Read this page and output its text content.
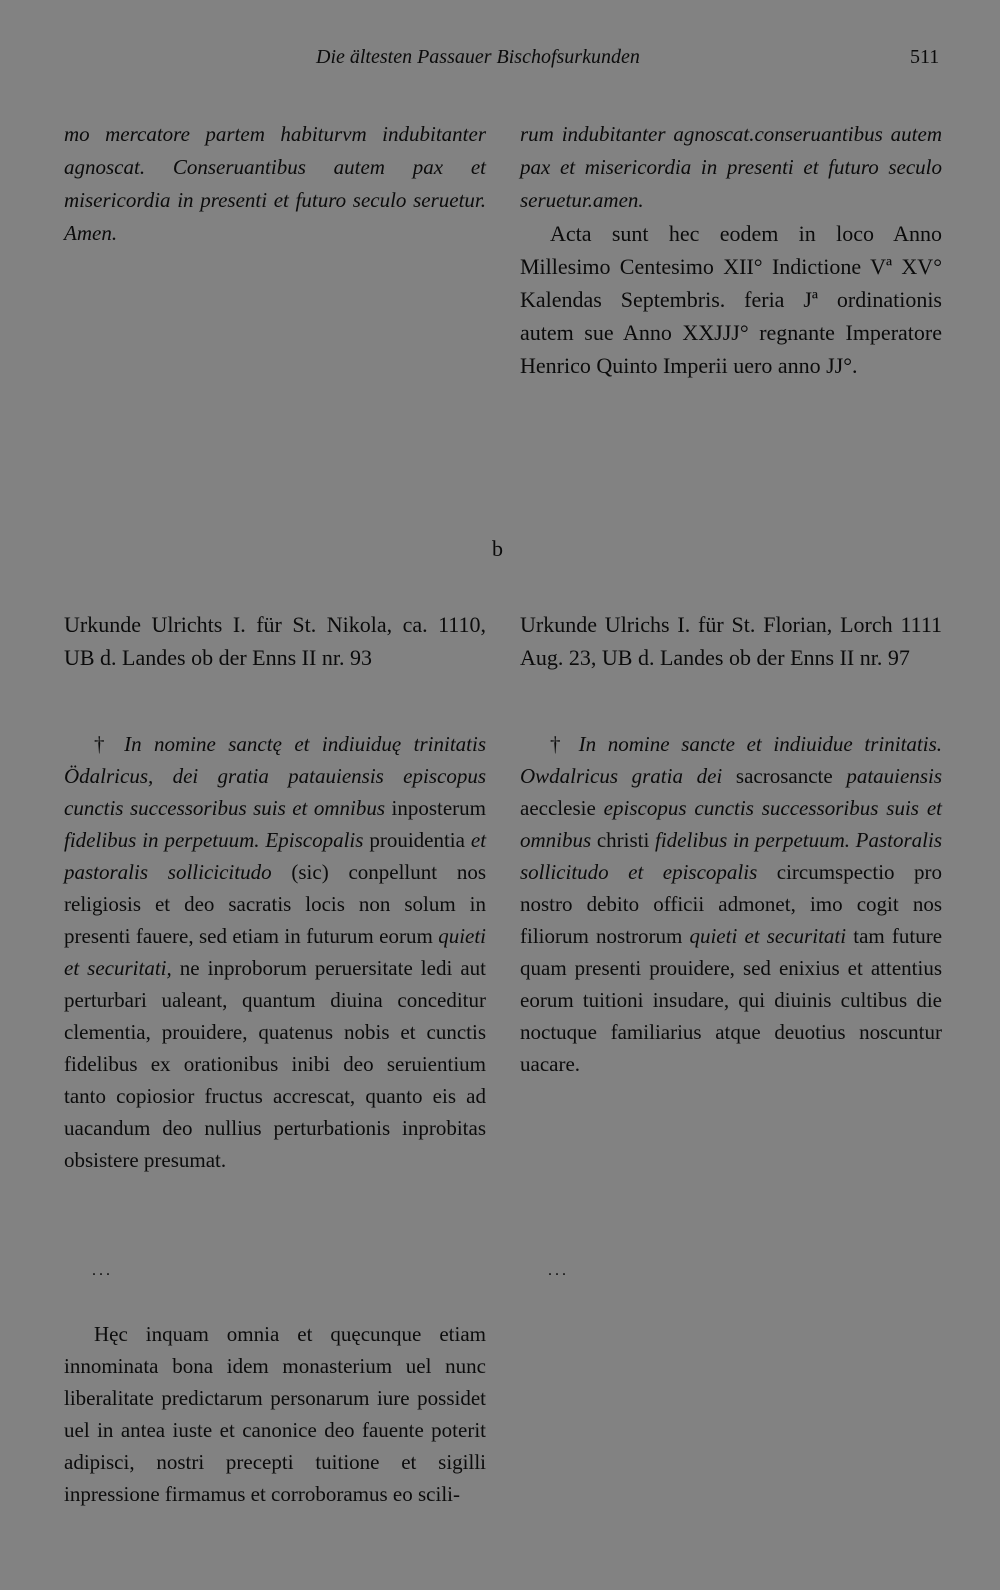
Die ältesten Passauer Bischofsurkunden	511
mo mercatore partem habiturvm indubitanter agnoscat. Conseruantibus autem pax et misericordia in presenti et futuro seculo seruetur. Amen.

rum indubitanter agnoscat.conseruantibus autem pax et misericordia in presenti et futuro seculo seruetur.amen.

Acta sunt hec eodem in loco Anno Millesimo Centesimo XII° Indictione Vª XV° Kalendas Septembris. feria Jª ordinationis autem sue Anno XXJJJ° regnante Imperatore Henrico Quinto Imperii uero anno JJ°.

b
Urkunde Ulrichts I. für St. Nikola, ca. 1110, UB d. Landes ob der Enns II nr. 93

† In nomine sanctę et indiuiduę trinitatis Ödalricus, dei gratia patauiensis episcopus cunctis successoribus suis et omnibus inposterum fidelibus in perpetuum. Episcopalis prouidentia et pastoralis sollicicitudo (sic) conpellunt nos religiosis et deo sacratis locis non solum in presenti fauere, sed etiam in futurum eorum quieti et securitati, ne inproborum peruersitate ledi aut perturbari ualeant, quantum diuina conceditur clementia, prouidere, quatenus nobis et cunctis fidelibus ex orationibus inibi deo seruientium tanto copiosior fructus accrescat, quanto eis ad uacandum deo nullius perturbationis inprobitas obsistere presumat.

...

Hęc inquam omnia et quęcunque etiam innominata bona idem monasterium uel nunc liberalitate predictarum personarum iure possidet uel in antea iuste et canonice deo fauente poterit adipisci, nostri precepti tuitione et sigilli inpressione firmamus et corroboramus eo scili-

Urkunde Ulrichs I. für St. Florian, Lorch 1111 Aug. 23, UB d. Landes ob der Enns II nr. 97

† In nomine sancte et indiuidue trinitatis. Owdalricus gratia dei sacrosancte patauiensis aecclesie episcopus cunctis successoribus suis et omnibus christi fidelibus in perpetuum. Pastoralis sollicitudo et episcopalis circumspectio pro nostro debito officii admonet, imo cogit nos filiorum nostrorum quieti et securitati tam future quam presenti prouidere, sed enixius et attentius eorum tuitioni insudare, qui diuinis cultibus die noctuque familiarius atque deuotius noscuntur uacare.

...
